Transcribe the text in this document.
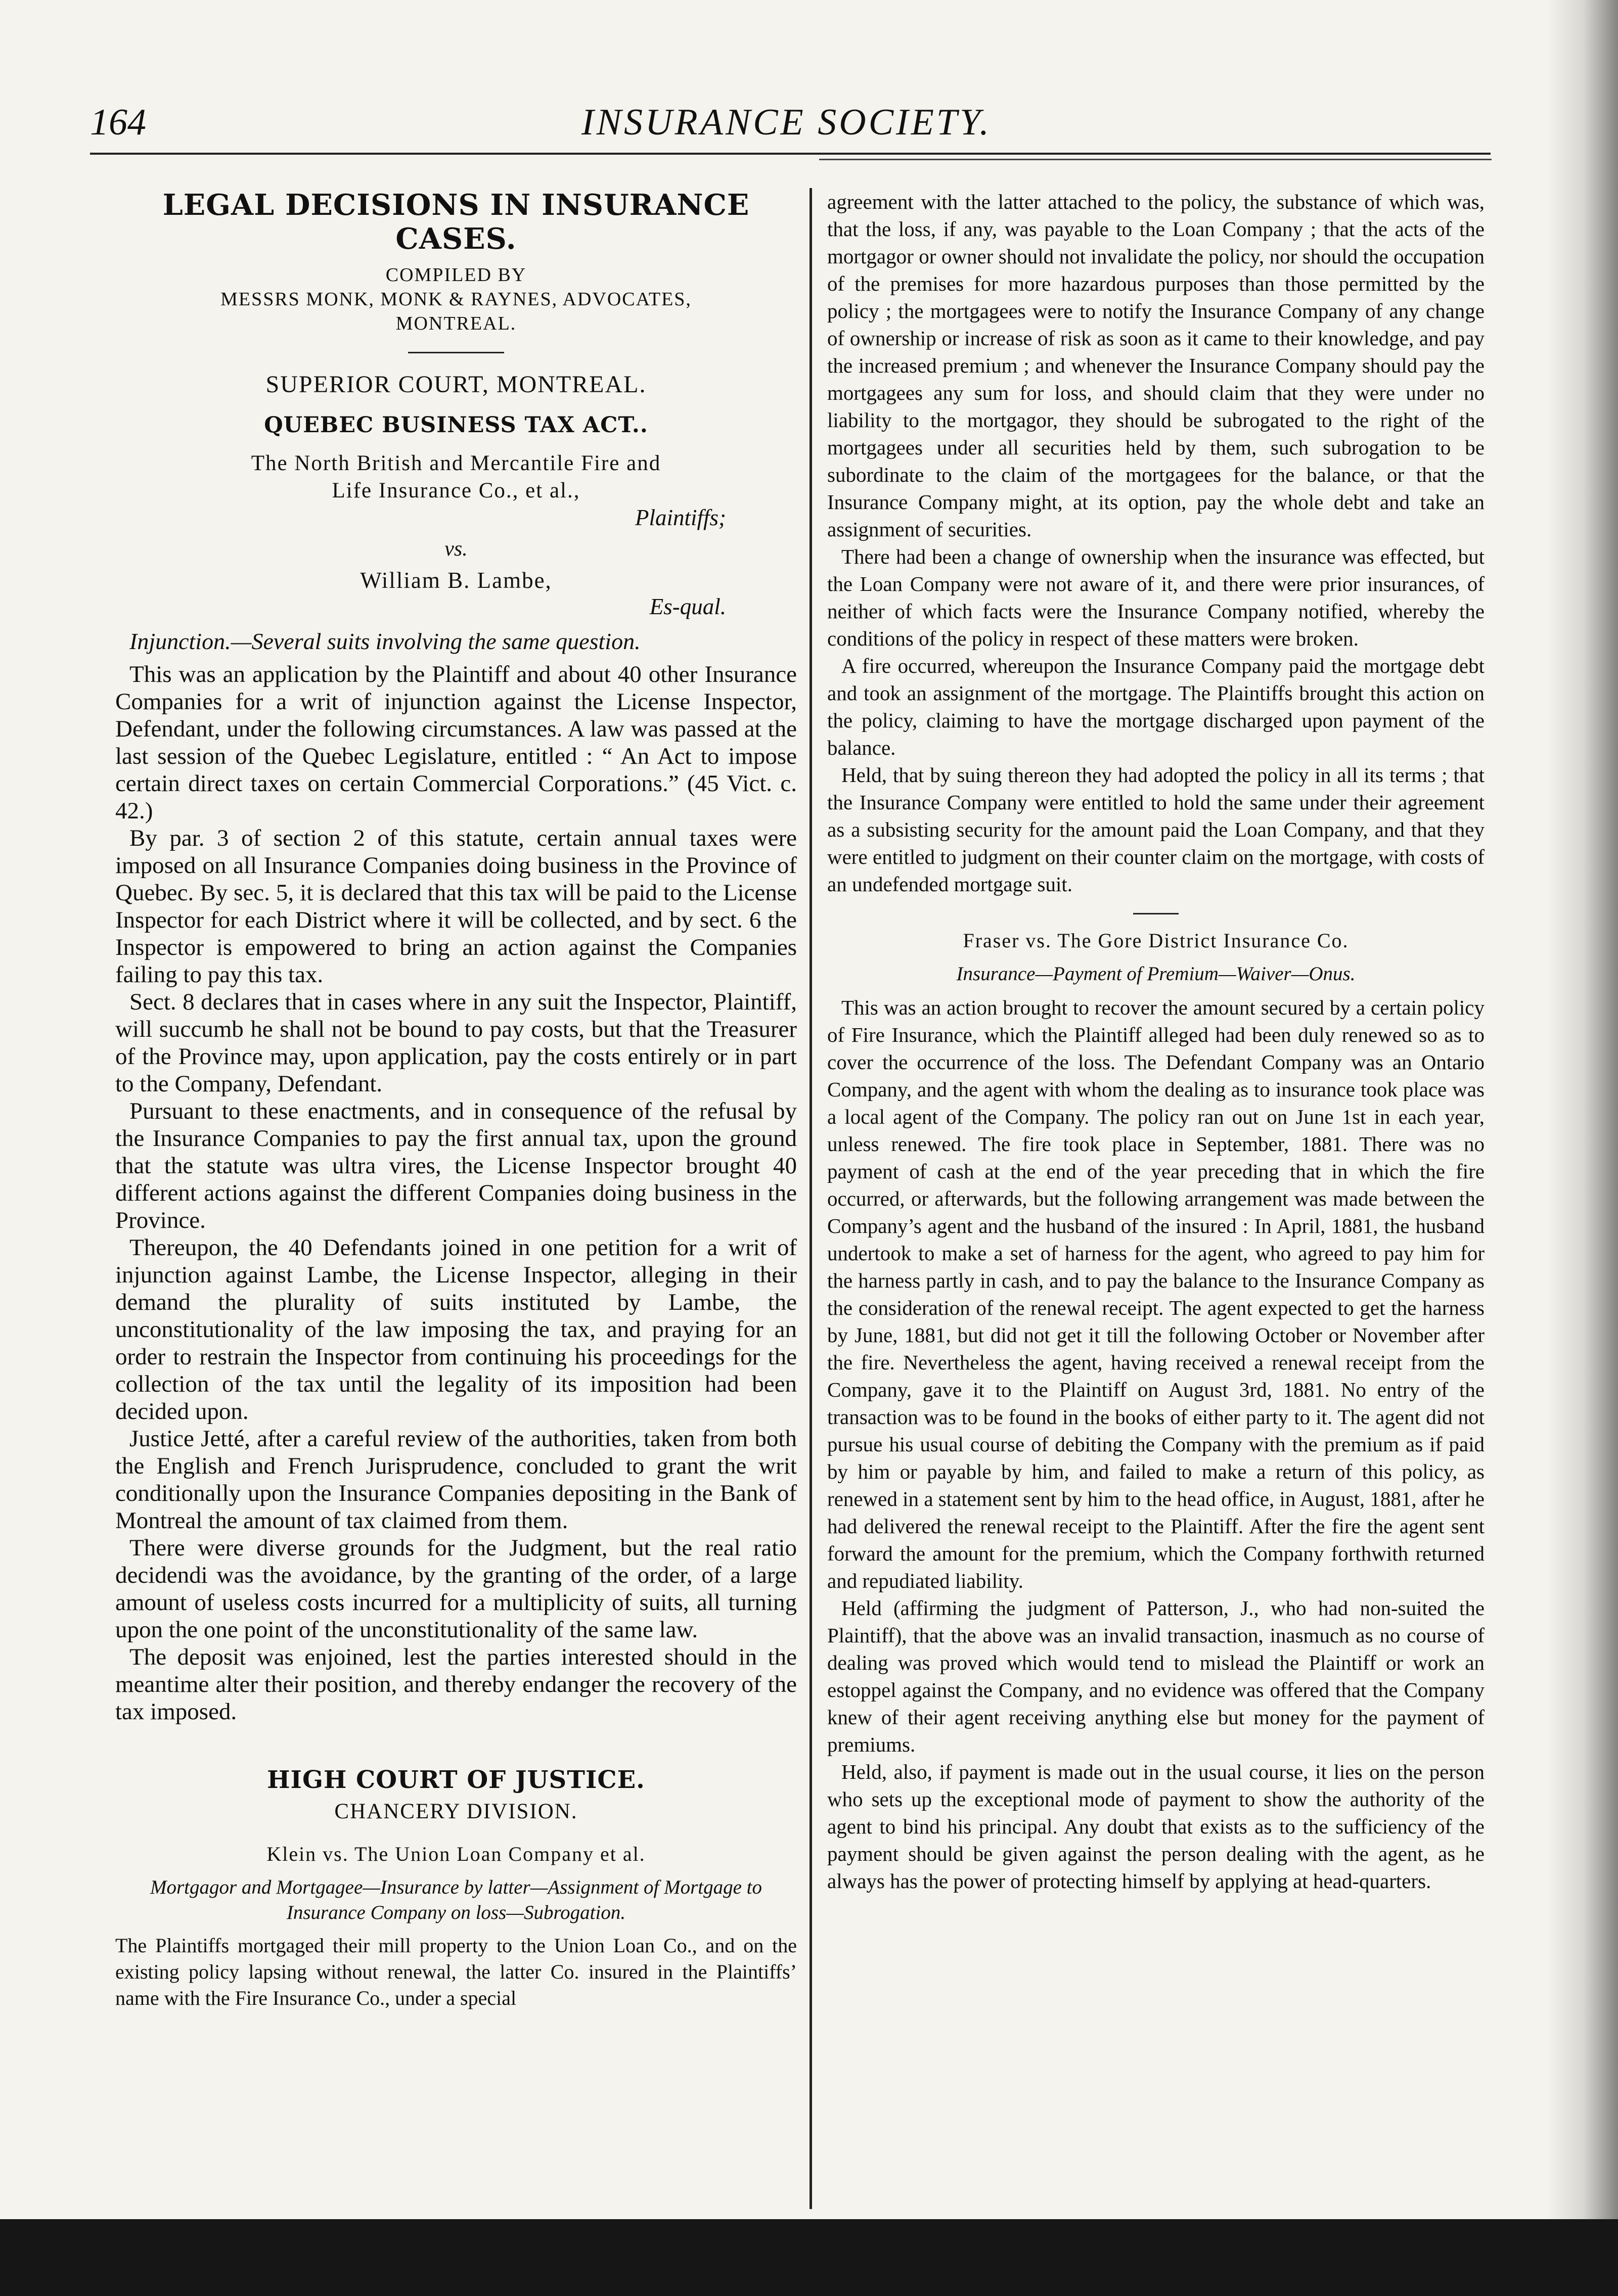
164	INSURANCE SOCIETY.
LEGAL DECISIONS IN INSURANCE CASES.
COMPILED BY
MESSRS MONK, MONK & RAYNES, ADVOCATES,
MONTREAL.
SUPERIOR COURT, MONTREAL.
QUEBEC BUSINESS TAX ACT..
The North British and Mercantile Fire and
Life Insurance Co., et al.,
Plaintiffs;
vs.
William B. Lambe,
Es-qual.
Injunction.—Several suits involving the same question.

This was an application by the Plaintiff and about 40 other Insurance Companies for a writ of injunction against the License Inspector, Defendant, under the following circumstances. A law was passed at the last session of the Quebec Legislature, entitled : “ An Act to impose certain direct taxes on certain Commercial Corporations.” (45 Vict. c. 42.)

By par. 3 of section 2 of this statute, certain annual taxes were imposed on all Insurance Companies doing business in the Province of Quebec. By sec. 5, it is declared that this tax will be paid to the License Inspector for each District where it will be collected, and by sect. 6 the Inspector is empowered to bring an action against the Companies failing to pay this tax.

Sect. 8 declares that in cases where in any suit the Inspector, Plaintiff, will succumb he shall not be bound to pay costs, but that the Treasurer of the Province may, upon application, pay the costs entirely or in part to the Company, Defendant.

Pursuant to these enactments, and in consequence of the refusal by the Insurance Companies to pay the first annual tax, upon the ground that the statute was ultra vires, the License Inspector brought 40 different actions against the different Companies doing business in the Province.

Thereupon, the 40 Defendants joined in one petition for a writ of injunction against Lambe, the License Inspector, alleging in their demand the plurality of suits instituted by Lambe, the unconstitutionality of the law imposing the tax, and praying for an order to restrain the Inspector from continuing his proceedings for the collection of the tax until the legality of its imposition had been decided upon.

Justice Jetté, after a careful review of the authorities, taken from both the English and French Jurisprudence, concluded to grant the writ conditionally upon the Insurance Companies depositing in the Bank of Montreal the amount of tax claimed from them.

There were diverse grounds for the Judgment, but the real ratio decidendi was the avoidance, by the granting of the order, of a large amount of useless costs incurred for a multiplicity of suits, all turning upon the one point of the unconstitutionality of the same law.

The deposit was enjoined, lest the parties interested should in the meantime alter their position, and thereby endanger the recovery of the tax imposed.

HIGH COURT OF JUSTICE.
CHANCERY DIVISION.
Klein vs. The Union Loan Company et al.
Mortgagor and Mortgagee—Insurance by latter—Assignment of Mortgage to Insurance Company on loss—Subrogation.

The Plaintiffs mortgaged their mill property to the Union Loan Co., and on the existing policy lapsing without renewal, the latter Co. insured in the Plaintiffs’ name with the Fire Insurance Co., under a special

agreement with the latter attached to the policy, the substance of which was, that the loss, if any, was payable to the Loan Company ; that the acts of the mortgagor or owner should not invalidate the policy, nor should the occupation of the premises for more hazardous purposes than those permitted by the policy ; the mortgagees were to notify the Insurance Company of any change of ownership or increase of risk as soon as it came to their knowledge, and pay the increased premium ; and whenever the Insurance Company should pay the mortgagees any sum for loss, and should claim that they were under no liability to the mortgagor, they should be subrogated to the right of the mortgagees under all securities held by them, such subrogation to be subordinate to the claim of the mortgagees for the balance, or that the Insurance Company might, at its option, pay the whole debt and take an assignment of securities.

There had been a change of ownership when the insurance was effected, but the Loan Company were not aware of it, and there were prior insurances, of neither of which facts were the Insurance Company notified, whereby the conditions of the policy in respect of these matters were broken.

A fire occurred, whereupon the Insurance Company paid the mortgage debt and took an assignment of the mortgage. The Plaintiffs brought this action on the policy, claiming to have the mortgage discharged upon payment of the balance.

Held, that by suing thereon they had adopted the policy in all its terms ; that the Insurance Company were entitled to hold the same under their agreement as a subsisting security for the amount paid the Loan Company, and that they were entitled to judgment on their counter claim on the mortgage, with costs of an undefended mortgage suit.

Fraser vs. The Gore District Insurance Co.
Insurance—Payment of Premium—Waiver—Onus.

This was an action brought to recover the amount secured by a certain policy of Fire Insurance, which the Plaintiff alleged had been duly renewed so as to cover the occurrence of the loss. The Defendant Company was an Ontario Company, and the agent with whom the dealing as to insurance took place was a local agent of the Company. The policy ran out on June 1st in each year, unless renewed. The fire took place in September, 1881. There was no payment of cash at the end of the year preceding that in which the fire occurred, or afterwards, but the following arrangement was made between the Company’s agent and the husband of the insured : In April, 1881, the husband undertook to make a set of harness for the agent, who agreed to pay him for the harness partly in cash, and to pay the balance to the Insurance Company as the consideration of the renewal receipt. The agent expected to get the harness by June, 1881, but did not get it till the following October or November after the fire. Nevertheless the agent, having received a renewal receipt from the Company, gave it to the Plaintiff on August 3rd, 1881. No entry of the transaction was to be found in the books of either party to it. The agent did not pursue his usual course of debiting the Company with the premium as if paid by him or payable by him, and failed to make a return of this policy, as renewed in a statement sent by him to the head office, in August, 1881, after he had delivered the renewal receipt to the Plaintiff. After the fire the agent sent forward the amount for the premium, which the Company forthwith returned and repudiated liability.

Held (affirming the judgment of Patterson, J., who had non-suited the Plaintiff), that the above was an invalid transaction, inasmuch as no course of dealing was proved which would tend to mislead the Plaintiff or work an estoppel against the Company, and no evidence was offered that the Company knew of their agent receiving anything else but money for the payment of premiums.

Held, also, if payment is made out in the usual course, it lies on the person who sets up the exceptional mode of payment to show the authority of the agent to bind his principal. Any doubt that exists as to the sufficiency of the payment should be given against the person dealing with the agent, as he always has the power of protecting himself by applying at head-quarters.
